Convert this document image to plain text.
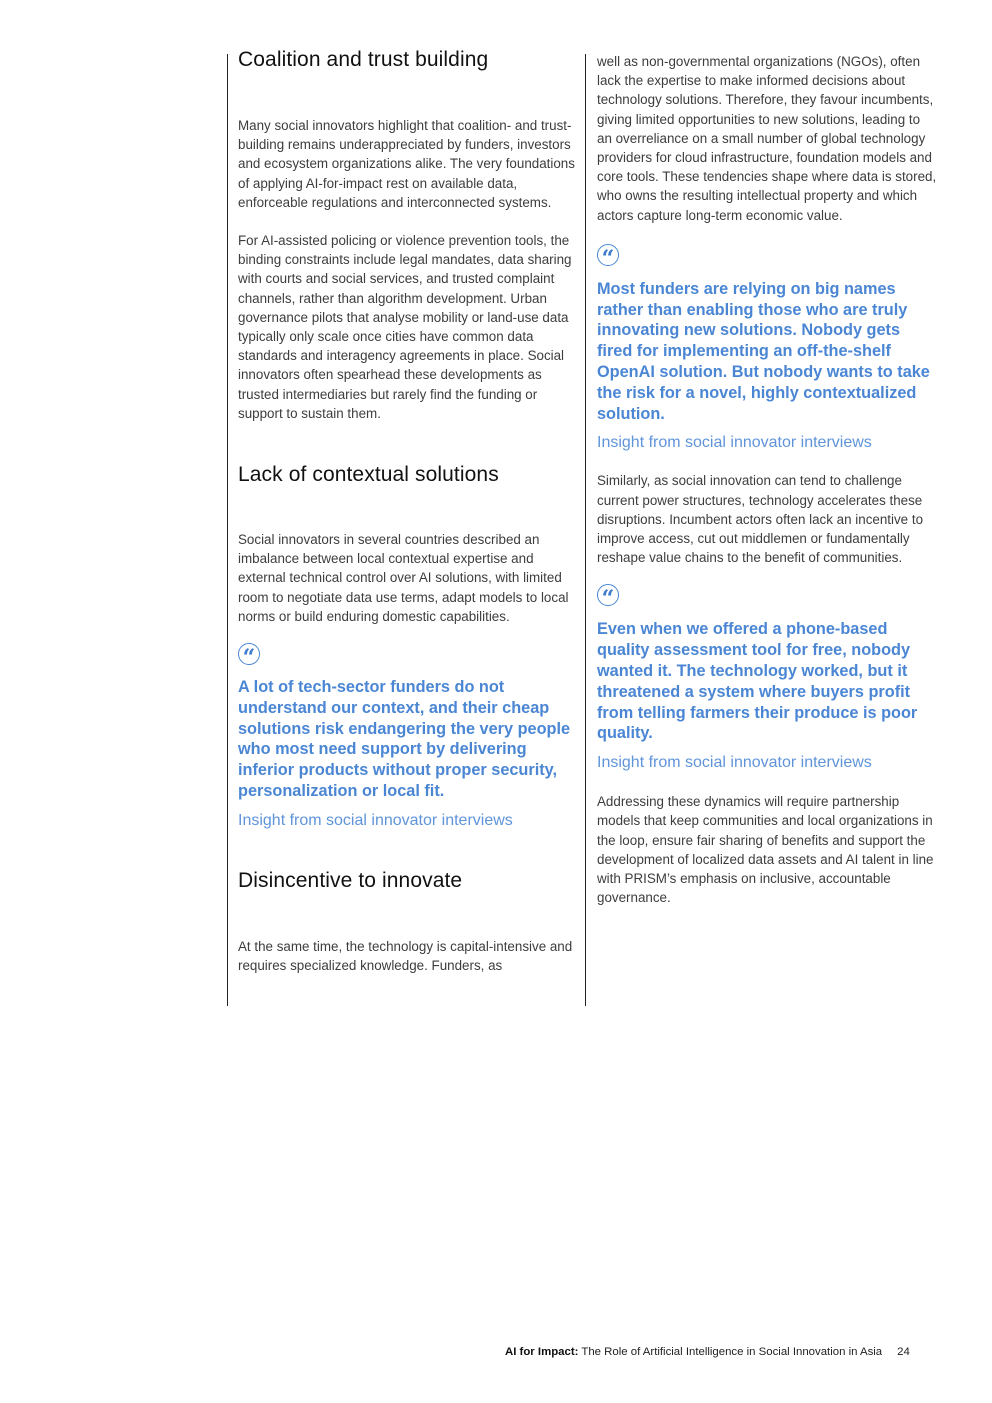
Coalition and trust building

Many social innovators highlight that coalition- and trust-building remains underappreciated by funders, investors and ecosystem organizations alike. The very foundations of applying AI-for-impact rest on available data, enforceable regulations and interconnected systems.

For AI-assisted policing or violence prevention tools, the binding constraints include legal mandates, data sharing with courts and social services, and trusted complaint channels, rather than algorithm development. Urban governance pilots that analyse mobility or land-use data typically only scale once cities have common data standards and interagency agreements in place. Social innovators often spearhead these developments as trusted intermediaries but rarely find the funding or support to sustain them.

Lack of contextual solutions

Social innovators in several countries described an imbalance between local contextual expertise and external technical control over AI solutions, with limited room to negotiate data use terms, adapt models to local norms or build enduring domestic capabilities.

“

A lot of tech-sector funders do not understand our context, and their cheap solutions risk endangering the very people who most need support by delivering inferior products without proper security, personalization or local fit.

Insight from social innovator interviews

Disincentive to innovate

At the same time, the technology is capital-intensive and requires specialized knowledge. Funders, as

well as non-governmental organizations (NGOs), often lack the expertise to make informed decisions about technology solutions. Therefore, they favour incumbents, giving limited opportunities to new solutions, leading to an overreliance on a small number of global technology providers for cloud infrastructure, foundation models and core tools. These tendencies shape where data is stored, who owns the resulting intellectual property and which actors capture long-term economic value.

“

Most funders are relying on big names rather than enabling those who are truly innovating new solutions. Nobody gets fired for implementing an off-the-shelf OpenAI solution. But nobody wants to take the risk for a novel, highly contextualized solution.

Insight from social innovator interviews

Similarly, as social innovation can tend to challenge current power structures, technology accelerates these disruptions. Incumbent actors often lack an incentive to improve access, cut out middlemen or fundamentally reshape value chains to the benefit of communities.

“

Even when we offered a phone-based quality assessment tool for free, nobody wanted it. The technology worked, but it threatened a system where buyers profit from telling farmers their produce is poor quality.

Insight from social innovator interviews

Addressing these dynamics will require partnership models that keep communities and local organizations in the loop, ensure fair sharing of benefits and support the development of localized data assets and AI talent in line with PRISM’s emphasis on inclusive, accountable governance.

AI for Impact: The Role of Artificial Intelligence in Social Innovation in Asia 24
